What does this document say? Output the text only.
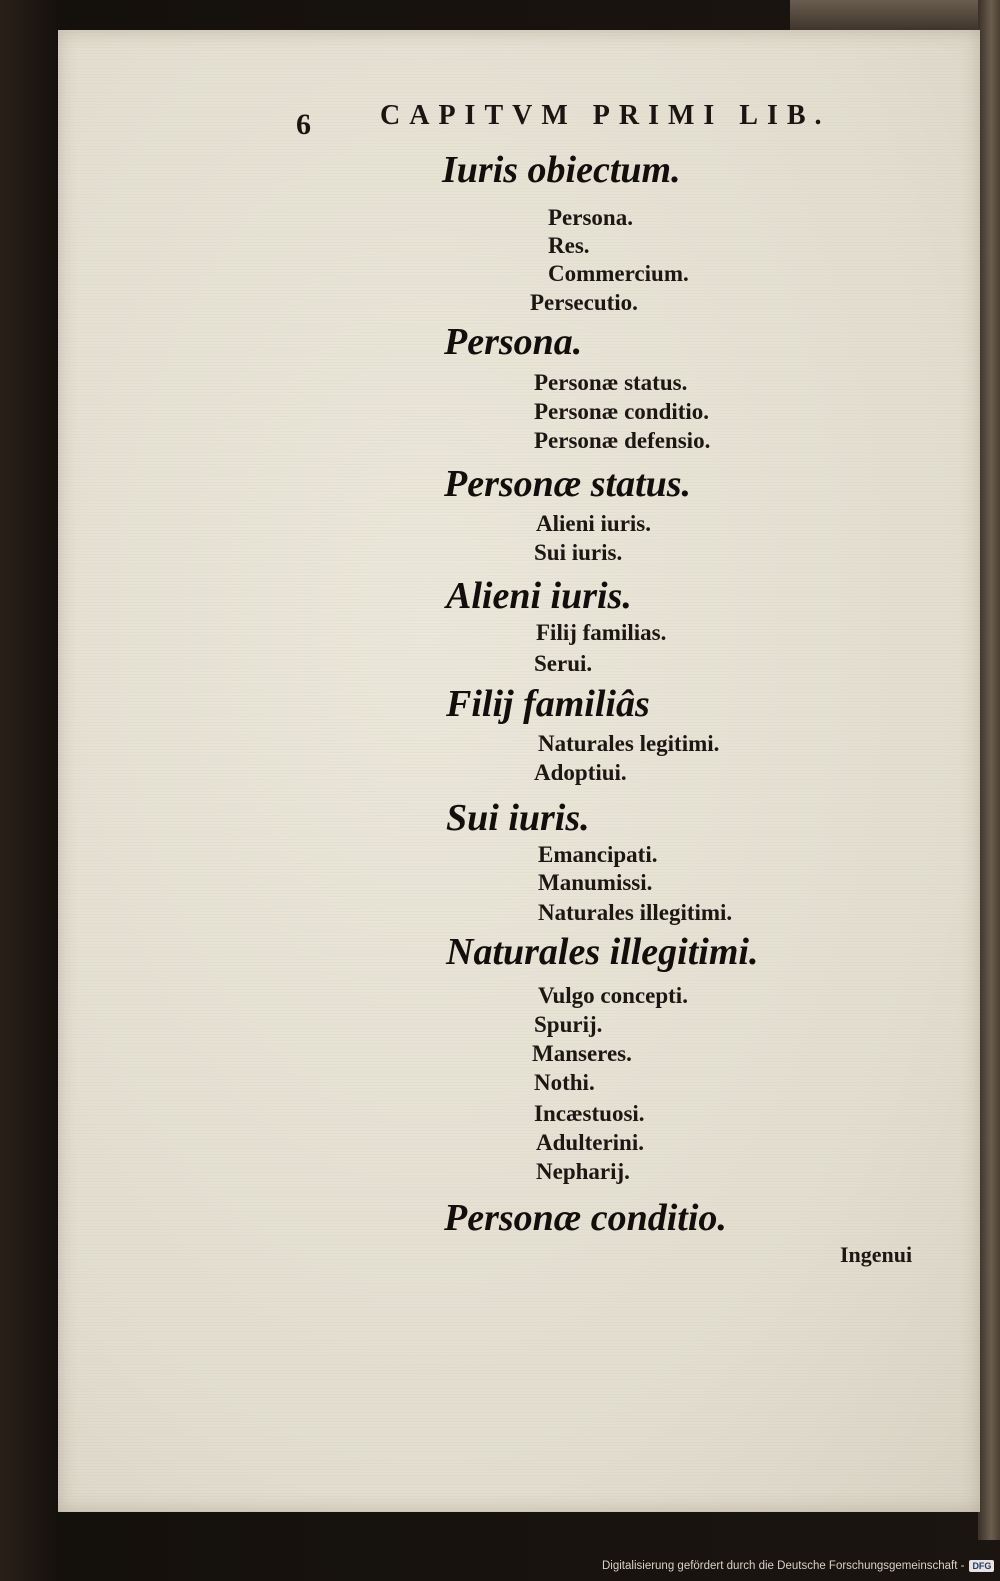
6 CAPITVM PRIMI LIB.
Iuris obiectum.
Persona.
Res.
Commercium.
Persecutio.
Persona.
Personæ status.
Personæ conditio.
Personæ defensio.
Personæ status.
Alieni iuris.
Sui iuris.
Alieni iuris.
Filij familias.
Serui.
Filij familiâs
Naturales legitimi.
Adoptiui.
Sui iuris.
Emancipati.
Manumissi.
Naturales illegitimi.
Naturales illegitimi.
Vulgo concepti.
Spurij.
Manseres.
Nothi.
Incæstuosi.
Adulterini.
Nepharij.
Personæ conditio.
Ingenui
Digitalisierung gefördert durch die Deutsche Forschungsgemeinschaft - DFG
